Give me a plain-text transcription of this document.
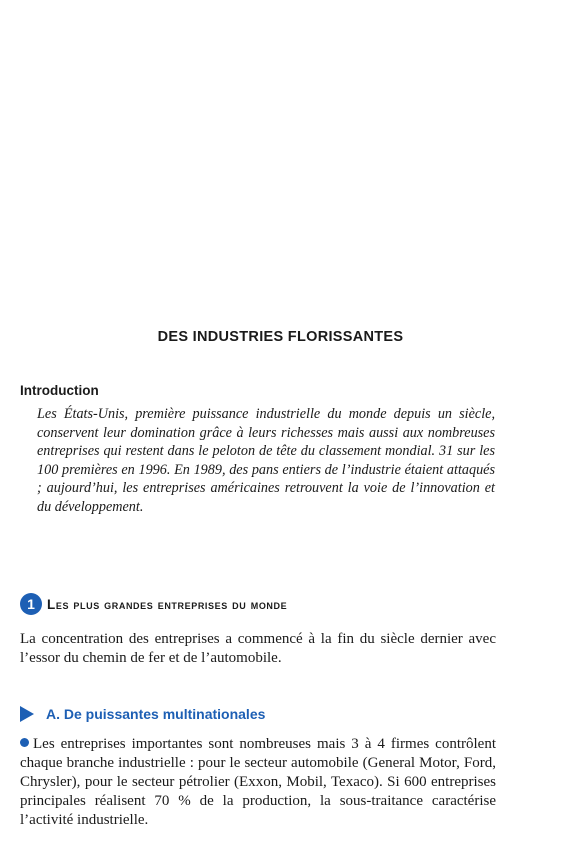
DES INDUSTRIES FLORISSANTES
Introduction

Les États-Unis, première puissance industrielle du monde depuis un siècle, conservent leur domination grâce à leurs richesses mais aussi aux nombreuses entreprises qui restent dans le peloton de tête du classement mondial. 31 sur les 100 premières en 1996. En 1989, des pans entiers de l’industrie étaient attaqués ; aujourd’hui, les entreprises américaines retrouvent la voie de l’innovation et du développement.

1 Les plus grandes entreprises du monde

La concentration des entreprises a commencé à la fin du siècle dernier avec l’essor du chemin de fer et de l’automobile.

A. De puissantes multinationales

Les entreprises importantes sont nombreuses mais 3 à 4 firmes contrôlent chaque branche industrielle : pour le secteur automobile (General Motor, Ford, Chrysler), pour le secteur pétrolier (Exxon, Mobil, Texaco). Si 600 entreprises principales réalisent 70 % de la production, la sous-traitance caractérise l’activité industrielle.
